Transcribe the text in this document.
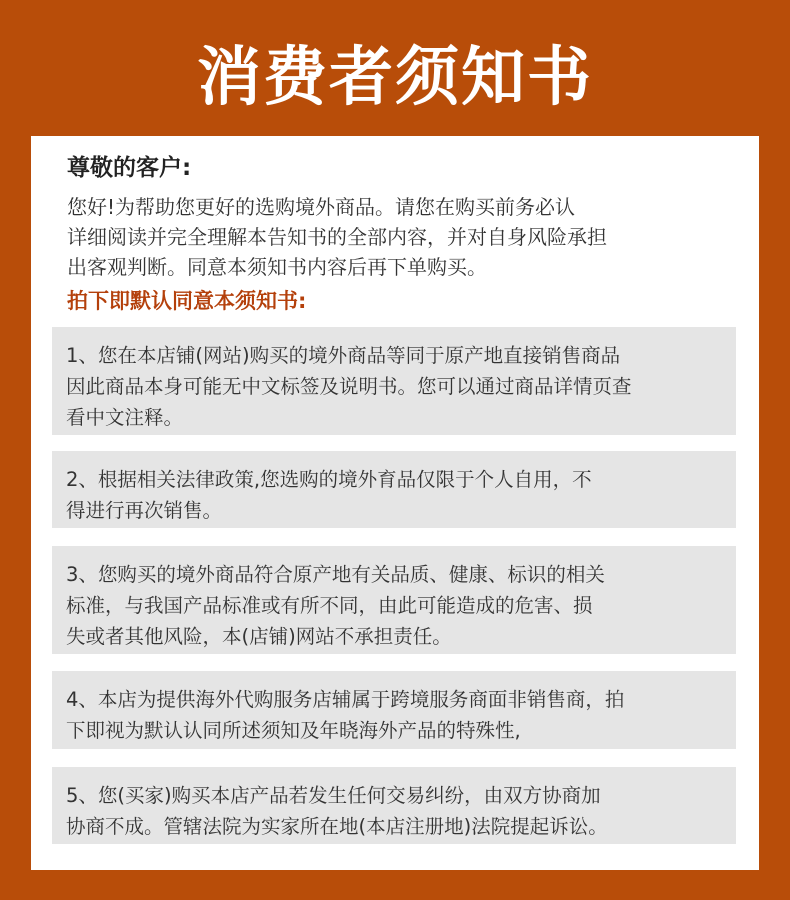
消费者须知书
尊敬的客户:
您好!为帮助您更好的选购境外商品。请您在购买前务必认
详细阅读并完全理解本告知书的全部内容，并对自身风险承担
出客观判断。同意本须知书内容后再下单购买。
拍下即默认同意本须知书:
1、您在本店铺(网站)购买的境外商品等同于原产地直接销售商品
因此商品本身可能无中文标签及说明书。您可以通过商品详情页查
看中文注释。
2、根据相关法律政策,您选购的境外育品仅限于个人自用，不
得进行再次销售。
3、您购买的境外商品符合原产地有关品质、健康、标识的相关
标准，与我国产品标准或有所不同，由此可能造成的危害、损
失或者其他风险，本(店铺)网站不承担责任。
4、本店为提供海外代购服务店辅属于跨境服务商面非销售商，拍
下即视为默认认同所述须知及年晓海外产品的特殊性,
5、您(买家)购买本店产品若发生任何交易纠纷，由双方协商加
协商不成。管辖法院为实家所在地(本店注册地)法院提起诉讼。
